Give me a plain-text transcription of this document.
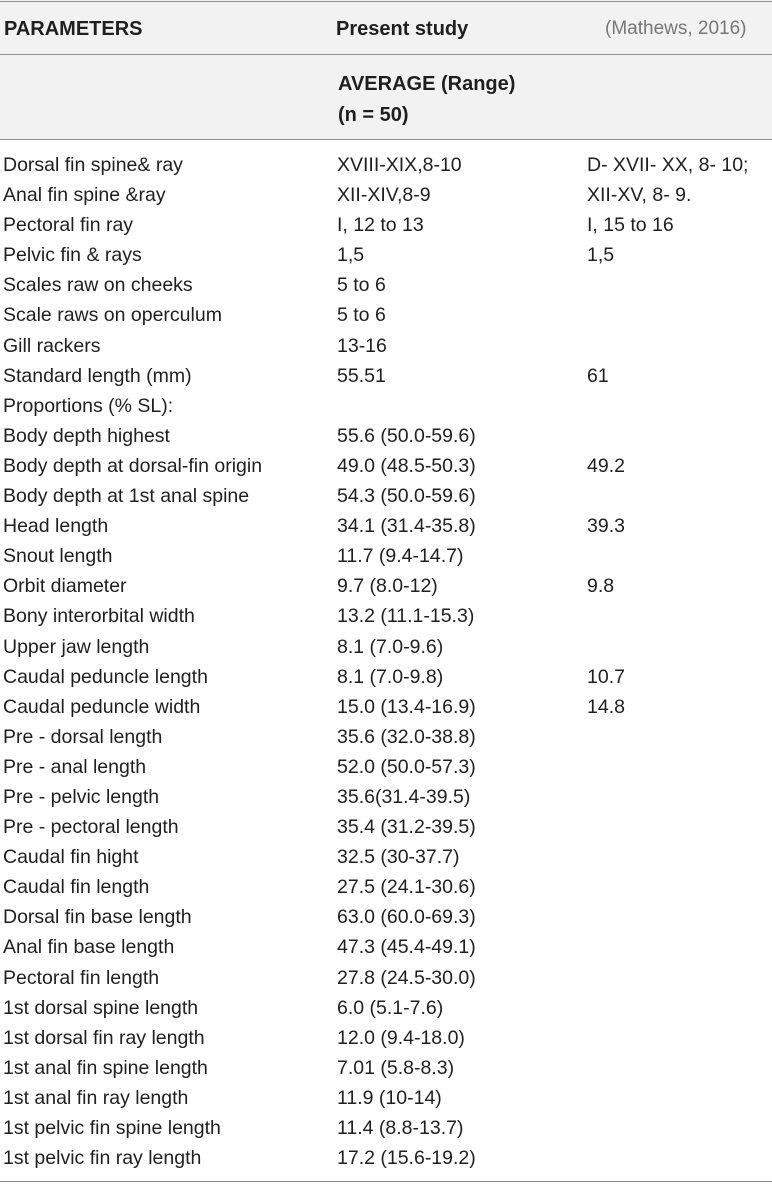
PARAMETERS	Present study	(Mathews, 2016)
AVERAGE (Range)
(n = 50)
Dorsal fin spine& ray	XVIII-XIX,8-10	D- XVII- XX, 8- 10;
Anal fin spine &ray	XII-XIV,8-9	XII-XV, 8- 9.
Pectoral fin ray	I, 12 to 13	I, 15 to 16
Pelvic fin & rays	1,5	1,5
Scales raw on cheeks	5 to 6
Scale raws on operculum	5 to 6
Gill rackers	13-16
Standard length (mm)	55.51	61
Proportions (% SL):
Body depth highest	55.6 (50.0-59.6)
Body depth at dorsal-fin origin	49.0 (48.5-50.3)	49.2
Body depth at 1st anal spine	54.3 (50.0-59.6)
Head length	34.1 (31.4-35.8)	39.3
Snout length	11.7 (9.4-14.7)
Orbit diameter	9.7 (8.0-12)	9.8
Bony interorbital width	13.2 (11.1-15.3)
Upper jaw length	8.1 (7.0-9.6)
Caudal peduncle length	8.1 (7.0-9.8)	10.7
Caudal peduncle width	15.0 (13.4-16.9)	14.8
Pre - dorsal length	35.6 (32.0-38.8)
Pre - anal length	52.0 (50.0-57.3)
Pre - pelvic length	35.6(31.4-39.5)
Pre - pectoral length	35.4 (31.2-39.5)
Caudal fin hight	32.5 (30-37.7)
Caudal fin length	27.5 (24.1-30.6)
Dorsal fin base length	63.0 (60.0-69.3)
Anal fin base length	47.3 (45.4-49.1)
Pectoral fin length	27.8 (24.5-30.0)
1st dorsal spine length	6.0 (5.1-7.6)
1st dorsal fin ray length	12.0 (9.4-18.0)
1st anal fin spine length	7.01 (5.8-8.3)
1st anal fin ray length	11.9 (10-14)
1st pelvic fin spine length	11.4 (8.8-13.7)
1st pelvic fin ray length	17.2 (15.6-19.2)
